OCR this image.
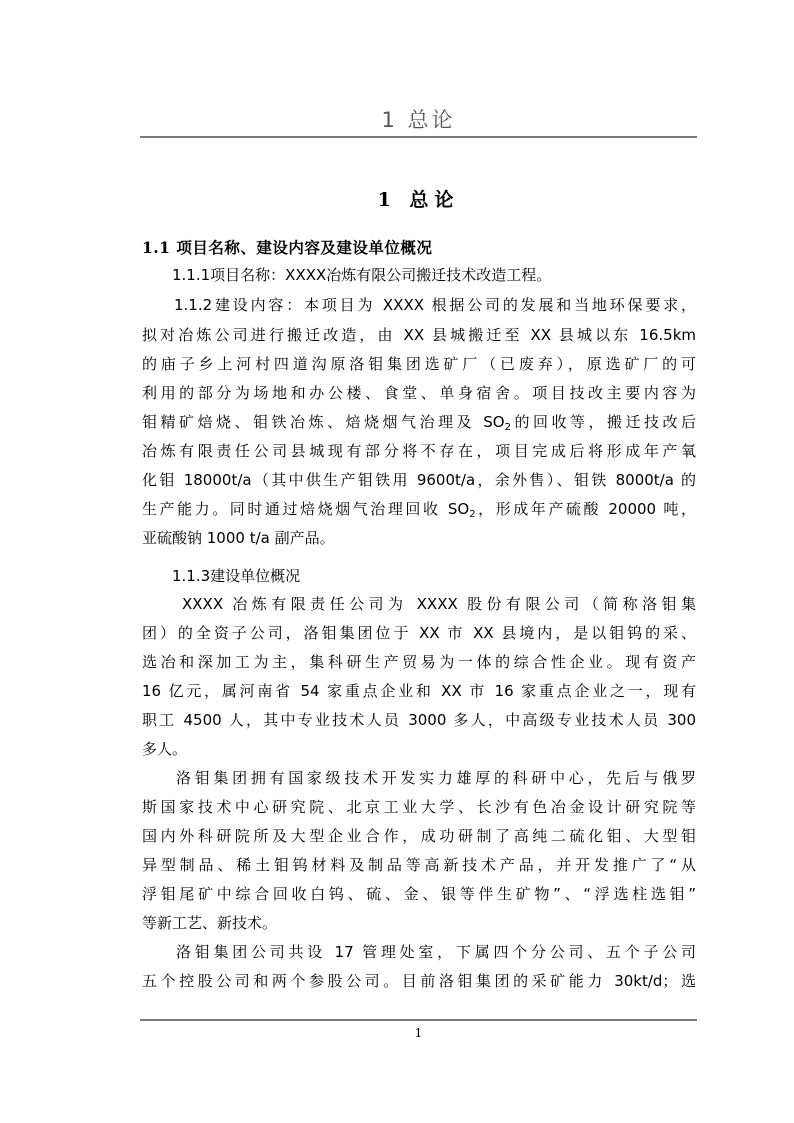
1 总论
1 总论
1.1 项目名称、建设内容及建设单位概况
1.1.1项目名称：XXXX冶炼有限公司搬迁技术改造工程。
1.1.2建设内容：本项目为 XXXX 根据公司的发展和当地环保要求，
拟对冶炼公司进行搬迁改造，由 XX 县城搬迁至 XX 县城以东 16.5km
的庙子乡上河村四道沟原洛钼集团选矿厂（已废弃），原选矿厂的可
利用的部分为场地和办公楼、食堂、单身宿舍。项目技改主要内容为
钼精矿焙烧、钼铁冶炼、焙烧烟气治理及 $SO_2$的回收等，搬迁技改后
冶炼有限责任公司县城现有部分将不存在，项目完成后将形成年产氧
化钼 18000t/a（其中供生产钼铁用 9600t/a，余外售）、钼铁 8000t/a 的
生产能力。同时通过焙烧烟气治理回收 $SO_2$，形成年产硫酸 20000 吨，
亚硫酸钠 1000 t/a 副产品。
1.1.3建设单位概况
XXXX 冶炼有限责任公司为 XXXX 股份有限公司（简称洛钼集
团）的全资子公司，洛钼集团位于 XX 市 XX 县境内，是以钼钨的采、
选冶和深加工为主，集科研生产贸易为一体的综合性企业。现有资产
16 亿元，属河南省 54 家重点企业和 XX 市 16 家重点企业之一，现有
职工 4500 人，其中专业技术人员 3000 多人，中高级专业技术人员 300
多人。
洛钼集团拥有国家级技术开发实力雄厚的科研中心，先后与俄罗
斯国家技术中心研究院、北京工业大学、长沙有色冶金设计研究院等
国内外科研院所及大型企业合作，成功研制了高纯二硫化钼、大型钼
异型制品、稀土钼钨材料及制品等高新技术产品，并开发推广了“从
浮钼尾矿中综合回收白钨、硫、金、银等伴生矿物”、“浮选柱选钼”
等新工艺、新技术。
洛钼集团公司共设 17 管理处室，下属四个分公司、五个子公司
五个控股公司和两个参股公司。目前洛钼集团的采矿能力 30kt/d；选
1
